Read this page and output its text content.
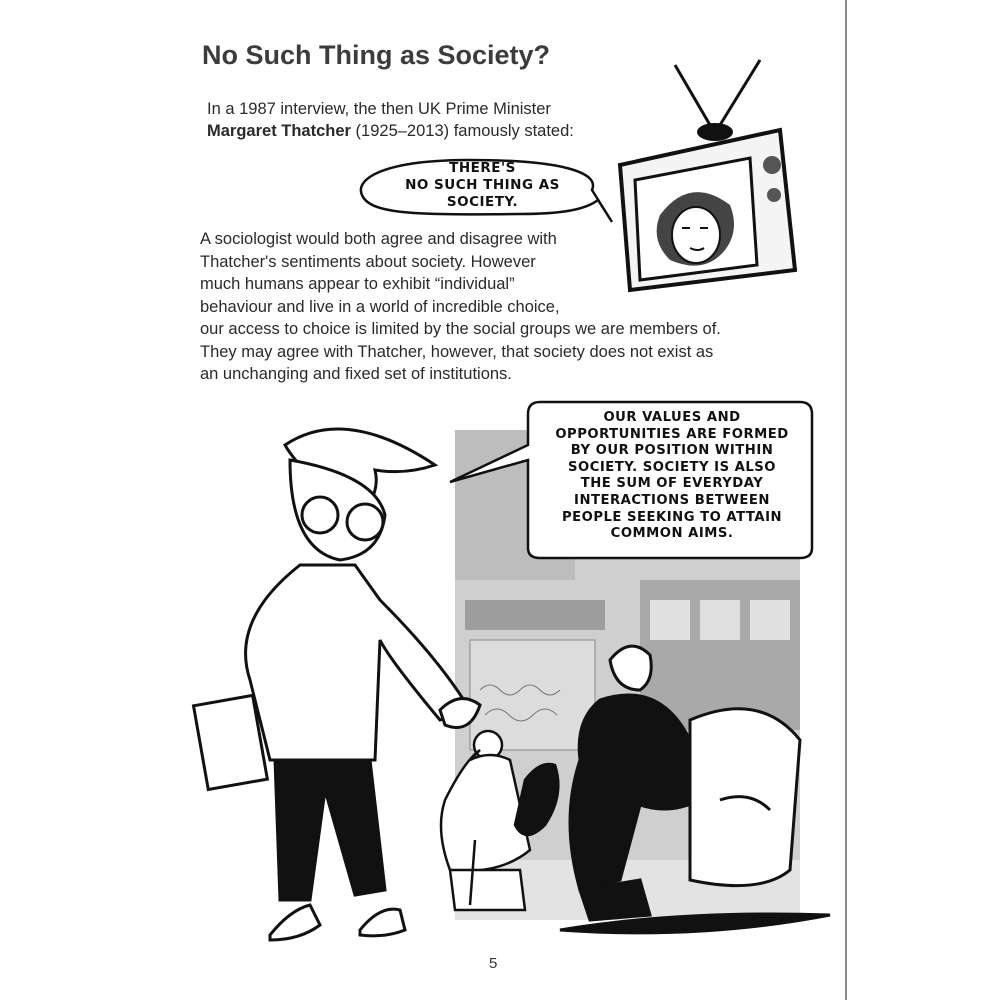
No Such Thing as Society?
In a 1987 interview, the then UK Prime Minister
Margaret Thatcher (1925–2013) famously stated:
THERE'S
NO SUCH THING AS
SOCIETY.
A sociologist would both agree and disagree with
Thatcher's sentiments about society. However
much humans appear to exhibit “individual”
behaviour and live in a world of incredible choice,
our access to choice is limited by the social groups we are members of.
They may agree with Thatcher, however, that society does not exist as
an unchanging and fixed set of institutions.
OUR VALUES AND
OPPORTUNITIES ARE FORMED
BY OUR POSITION WITHIN
SOCIETY. SOCIETY IS ALSO
THE SUM OF EVERYDAY
INTERACTIONS BETWEEN
PEOPLE SEEKING TO ATTAIN
COMMON AIMS.
5
